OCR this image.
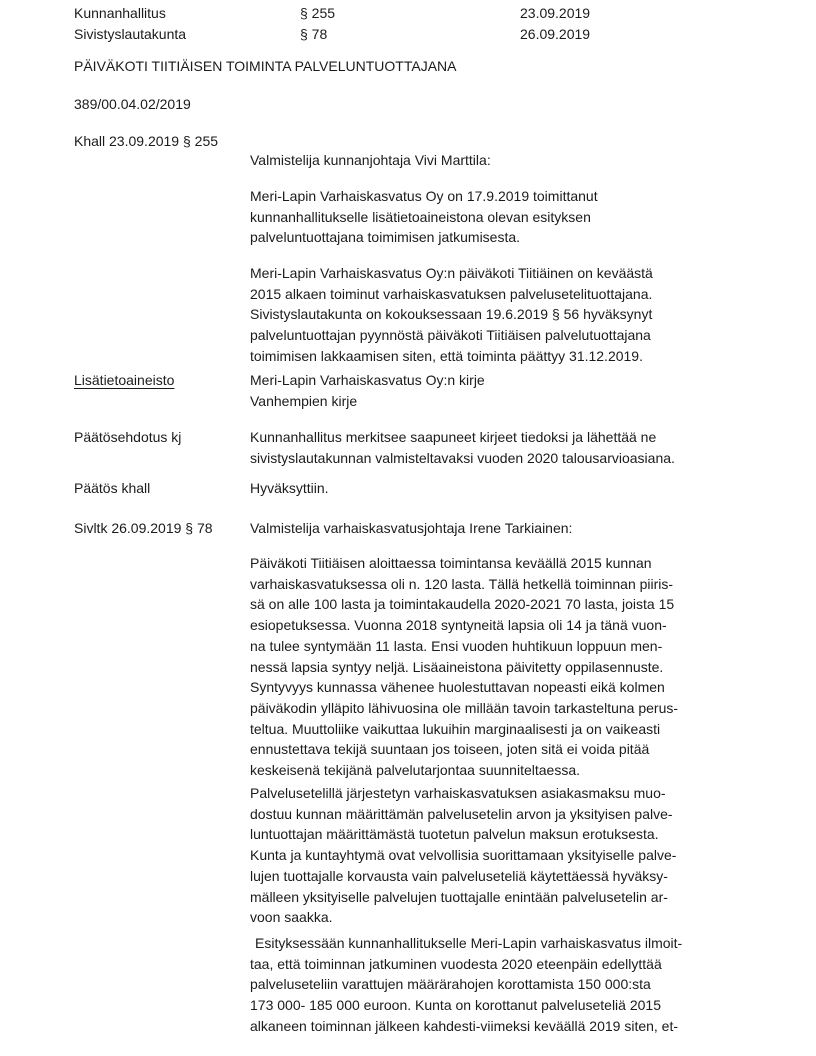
Kunnanhallitus	§ 255	23.09.2019
Sivistyslautakunta	§ 78	26.09.2019
PÄIVÄKOTI TIITIÄISEN TOIMINTA PALVELUNTUOTTAJANA
389/00.04.02/2019
Khall 23.09.2019 § 255
Valmistelija kunnanjohtaja Vivi Marttila:
Meri-Lapin Varhaiskasvatus Oy on 17.9.2019 toimittanut
kunnanhallitukselle lisätietoaineistona olevan esityksen
palveluntuottajana toimimisen jatkumisesta.
Meri-Lapin Varhaiskasvatus Oy:n päiväkoti Tiitiäinen on keväästä
2015 alkaen toiminut varhaiskasvatuksen palvelusetelituottajana.
Sivistyslautakunta on kokouksessaan 19.6.2019 § 56 hyväksynyt
palveluntuottajan pyynnöstä päiväkoti Tiitiäisen palvelutuottajana
toimimisen lakkaamisen siten, että toiminta päättyy 31.12.2019.
Lisätietoaineisto	Meri-Lapin Varhaiskasvatus Oy:n kirje
Vanhempien kirje
Päätösehdotus kj	Kunnanhallitus merkitsee saapuneet kirjeet tiedoksi ja lähettää ne
sivistyslautakunnan valmisteltavaksi vuoden 2020 talousarvioasiana.
Päätös khall	Hyväksyttiin.
Sivltk 26.09.2019 § 78	Valmistelija varhaiskasvatusjohtaja Irene Tarkiainen:
Päiväkoti Tiitiäisen aloittaessa toimintansa keväällä 2015 kunnan
varhaiskasvatuksessa oli n. 120 lasta. Tällä hetkellä toiminnan piiris-
sä on alle 100 lasta ja toimintakaudella 2020-2021 70 lasta, joista 15
esiopetuksessa. Vuonna 2018 syntyneitä lapsia oli 14 ja tänä vuon-
na tulee syntymään 11 lasta. Ensi vuoden huhtikuun loppuun men-
nessä lapsia syntyy neljä. Lisäaineistona päivitetty oppilasennuste.
Syntyvyys kunnassa vähenee huolestuttavan nopeasti eikä kolmen
päiväkodin ylläpito lähivuosina ole millään tavoin tarkasteltuna perus-
teltua. Muuttoliike vaikuttaa lukuihin marginaalisesti ja on vaikeasti
ennustettava tekijä suuntaan jos toiseen, joten sitä ei voida pitää
keskeisenä tekijänä palvelutarjontaa suunniteltaessa.
Palvelusetelillä järjestetyn varhaiskasvatuksen asiakasmaksu muo-
dostuu kunnan määrittämän palvelusetelin arvon ja yksityisen palve-
luntuottajan määrittämästä tuotetun palvelun maksun erotuksesta.
Kunta ja kuntayhtymä ovat velvollisia suorittamaan yksityiselle palve-
lujen tuottajalle korvausta vain palveluseteliä käytettäessä hyväksy-
mälleen yksityiselle palvelujen tuottajalle enintään palvelusetelin ar-
voon saakka.
Esityksessään kunnanhallitukselle Meri-Lapin varhaiskasvatus ilmoit-
taa, että toiminnan jatkuminen vuodesta 2020 eteenpäin edellyttää
palveluseteliin varattujen määrärahojen korottamista 150 000:sta
173 000- 185 000 euroon. Kunta on korottanut palveluseteliä 2015
alkaneen toiminnan jälkeen kahdesti-viimeksi keväällä 2019 siten, et-
